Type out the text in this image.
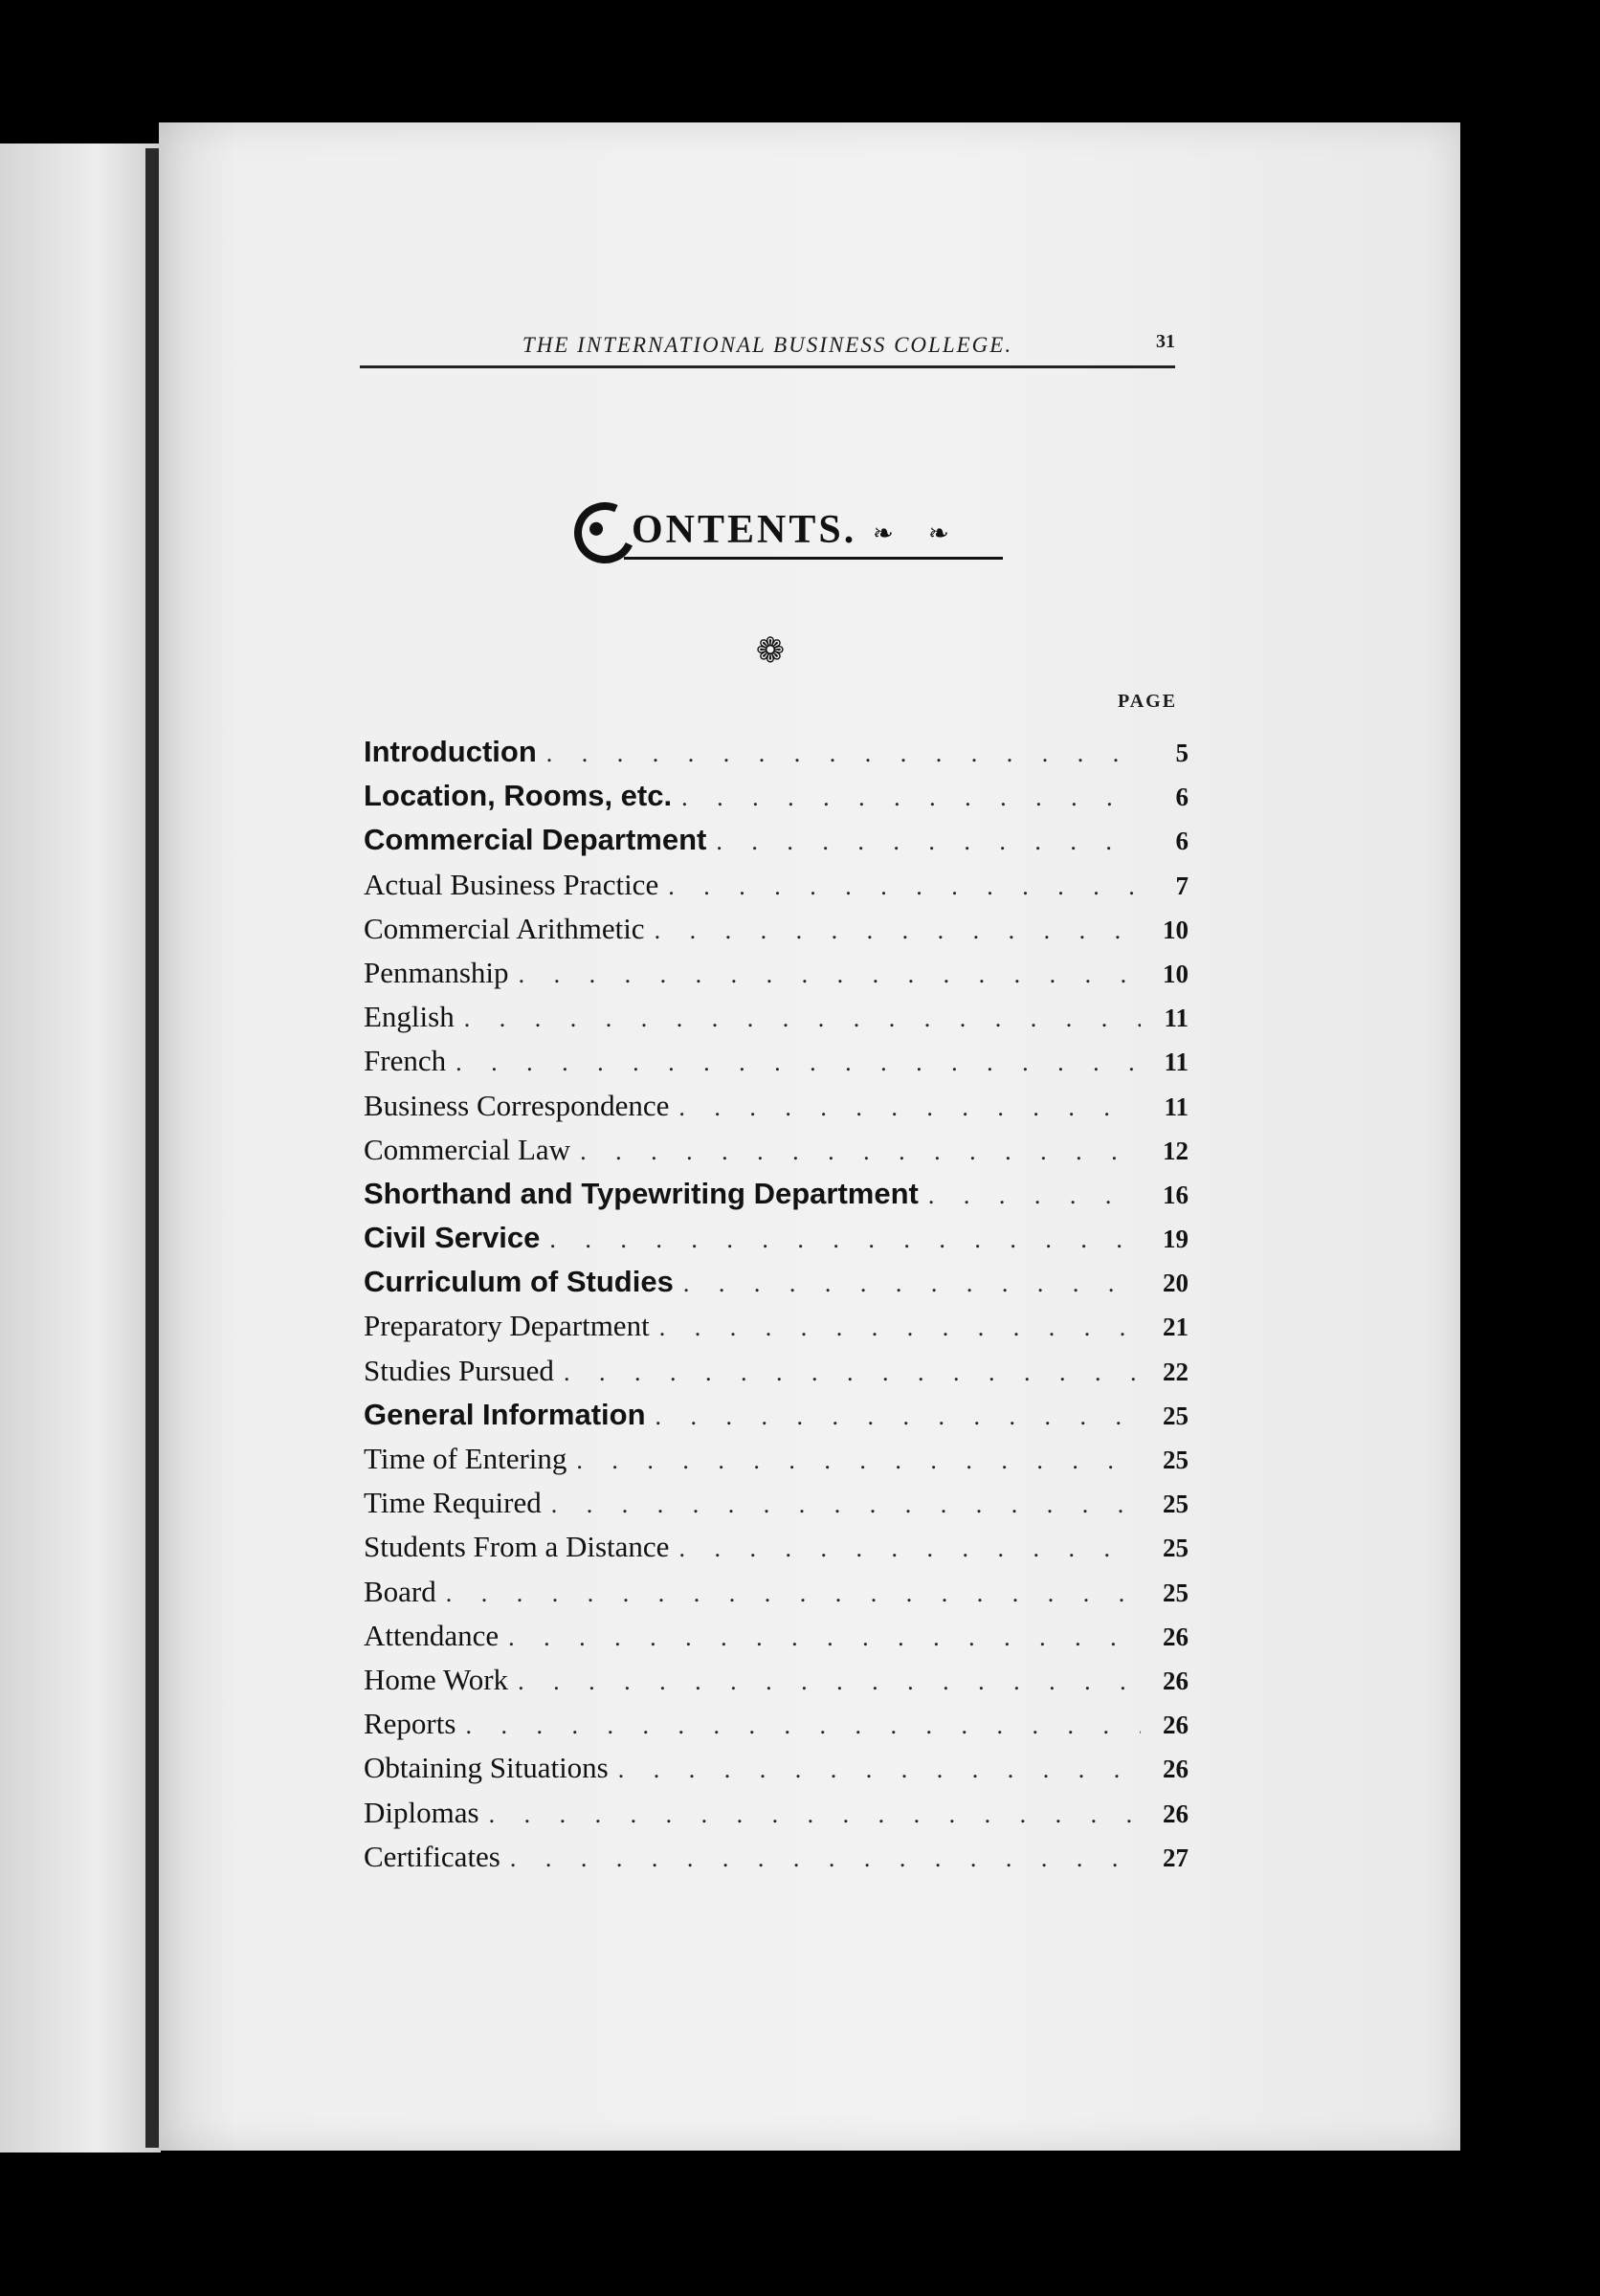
THE INTERNATIONAL BUSINESS COLLEGE.	31
ONTENTS. ❧ ❧
❁
PAGE
Introduction . . .	5
Location, Rooms, etc. . . .	6
Commercial Department . . .	6
Actual Business Practice . . .	7
Commercial Arithmetic . . .	10
Penmanship . . .	10
English . . .	11
French . . .	11
Business Correspondence . . .	11
Commercial Law . . .	12
Shorthand and Typewriting Department . . .	16
Civil Service . . .	19
Curriculum of Studies . . .	20
Preparatory Department . . .	21
Studies Pursued . . .	22
General Information . . .	25
Time of Entering . . .	25
Time Required . . .	25
Students From a Distance . . .	25
Board . . .	25
Attendance . . .	26
Home Work . . .	26
Reports . . .	26
Obtaining Situations . . .	26
Diplomas . . .	26
Certificates . . .	27
